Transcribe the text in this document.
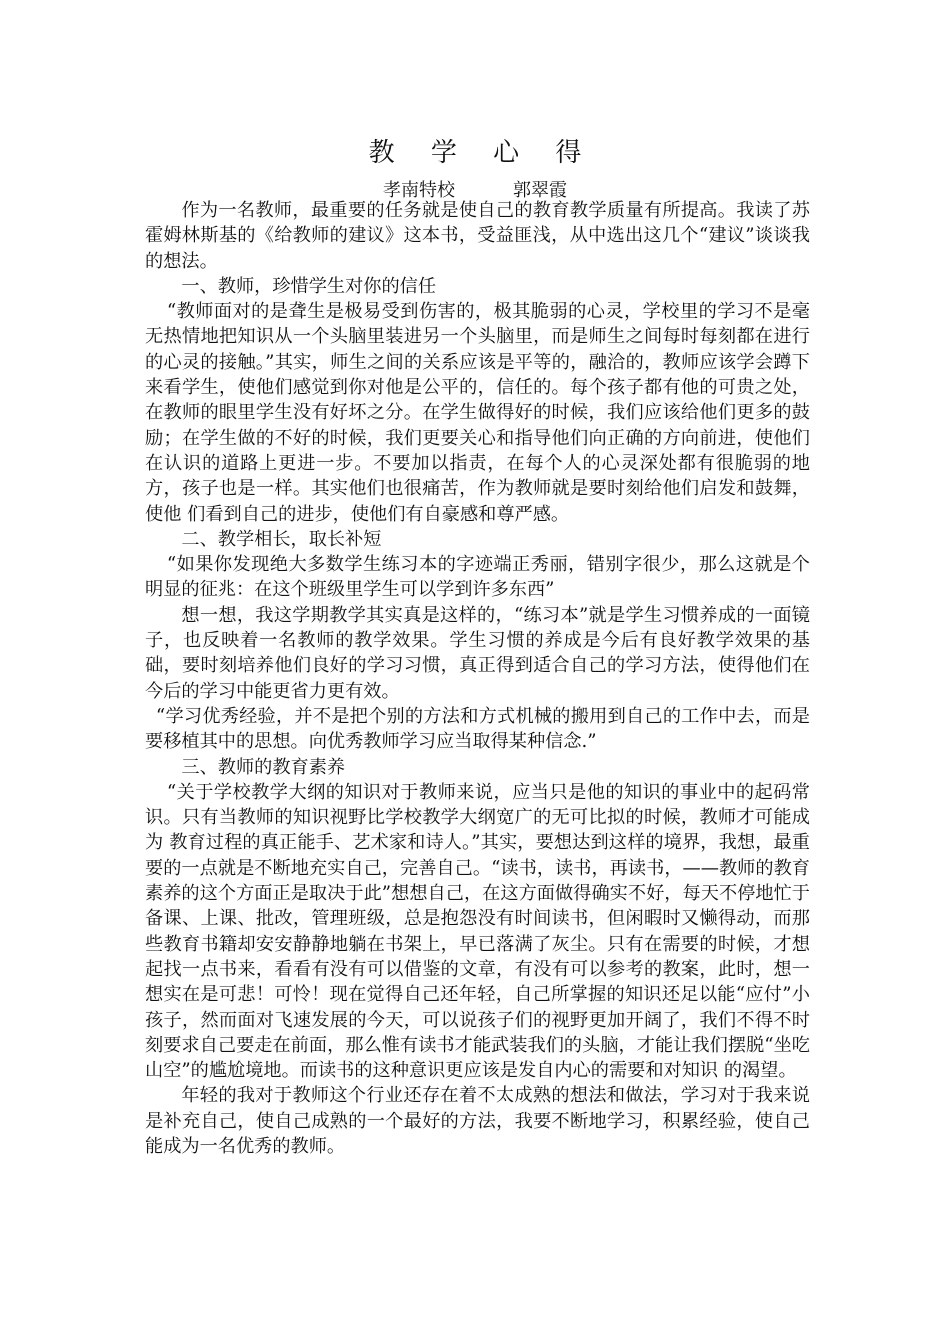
教 学 心 得
孝南特校	郭翠霞

作为一名教师，最重要的任务就是使自己的教育教学质量有所提高。我读了苏霍姆林斯基的《给教师的建议》这本书，受益匪浅，从中选出这几个“建议”谈谈我的想法。

一、教师，珍惜学生对你的信任

“教师面对的是聋生是极易受到伤害的，极其脆弱的心灵，学校里的学习不是毫无热情地把知识从一个头脑里装进另一个头脑里，而是师生之间每时每刻都在进行的心灵的接触。”其实，师生之间的关系应该是平等的，融洽的，教师应该学会蹲下来看学生，使他们感觉到你对他是公平的，信任的。每个孩子都有他的可贵之处，在教师的眼里学生没有好坏之分。在学生做得好的时候，我们应该给他们更多的鼓励；在学生做的不好的时候，我们更要关心和指导他们向正确的方向前进，使他们在认识的道路上更进一步。不要加以指责，在每个人的心灵深处都有很脆弱的地方，孩子也是一样。其实他们也很痛苦，作为教师就是要时刻给他们启发和鼓舞，使他 们看到自己的进步，使他们有自豪感和尊严感。

二、教学相长，取长补短

“如果你发现绝大多数学生练习本的字迹端正秀丽，错别字很少，那么这就是个明显的征兆：在这个班级里学生可以学到许多东西”

想一想，我这学期教学其实真是这样的，“练习本”就是学生习惯养成的一面镜子，也反映着一名教师的教学效果。学生习惯的养成是今后有良好教学效果的基础，要时刻培养他们良好的学习习惯，真正得到适合自己的学习方法，使得他们在今后的学习中能更省力更有效。

“学习优秀经验，并不是把个别的方法和方式机械的搬用到自己的工作中去，而是要移植其中的思想。向优秀教师学习应当取得某种信念.”

三、教师的教育素养

“关于学校教学大纲的知识对于教师来说，应当只是他的知识的事业中的起码常识。只有当教师的知识视野比学校教学大纲宽广的无可比拟的时候，教师才可能成为 教育过程的真正能手、艺术家和诗人。”其实，要想达到这样的境界，我想，最重要的一点就是不断地充实自己，完善自己。“读书，读书，再读书，——教师的教育素养的这个方面正是取决于此”想想自己，在这方面做得确实不好，每天不停地忙于备课、上课、批改，管理班级，总是抱怨没有时间读书，但闲暇时又懒得动，而那些教育书籍却安安静静地躺在书架上，早已落满了灰尘。只有在需要的时候，才想起找一点书来，看看有没有可以借鉴的文章，有没有可以参考的教案，此时，想一想实在是可悲！可怜！现在觉得自己还年轻，自己所掌握的知识还足以能“应付”小孩子，然而面对飞速发展的今天，可以说孩子们的视野更加开阔了，我们不得不时刻要求自己要走在前面，那么惟有读书才能武装我们的头脑，才能让我们摆脱“坐吃山空”的尴尬境地。而读书的这种意识更应该是发自内心的需要和对知识 的渴望。

年轻的我对于教师这个行业还存在着不太成熟的想法和做法，学习对于我来说是补充自己，使自己成熟的一个最好的方法，我要不断地学习，积累经验，使自己能成为一名优秀的教师。
